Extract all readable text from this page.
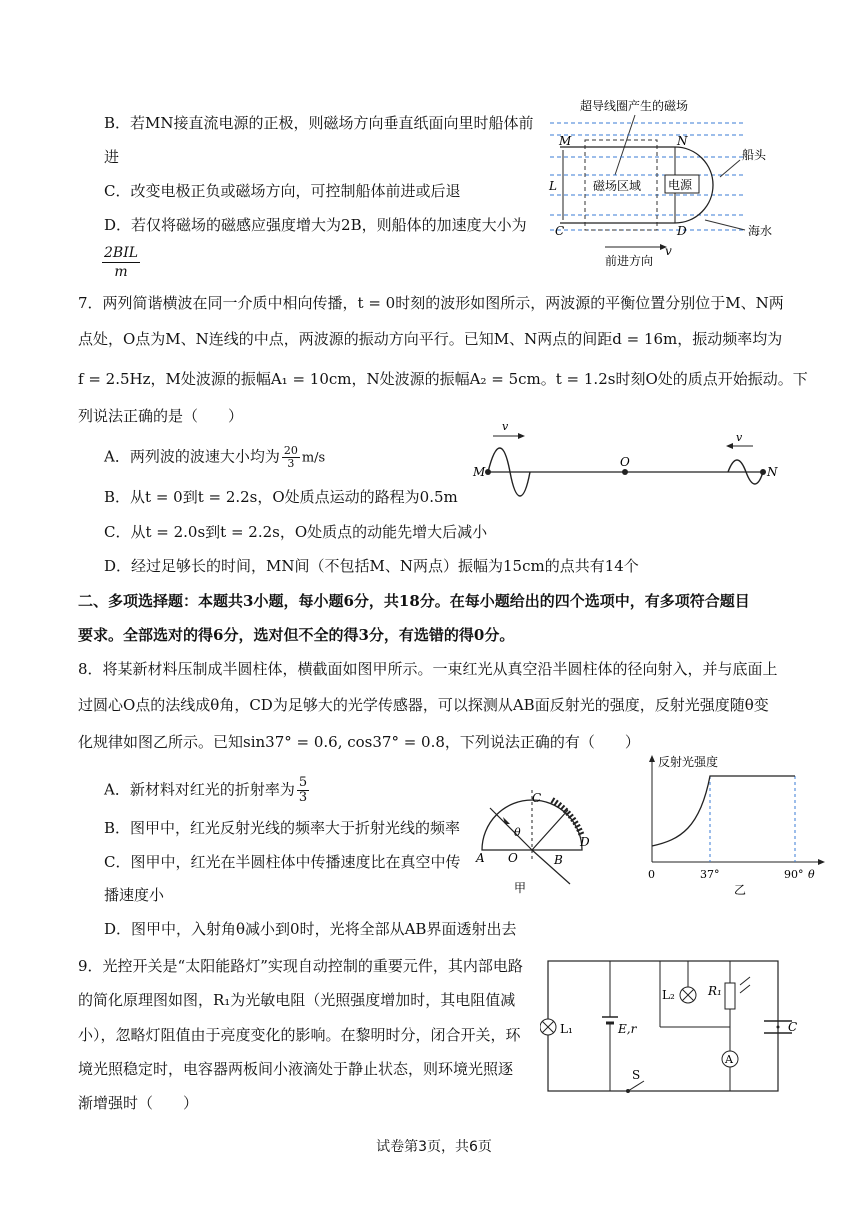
B．若MN接直流电源的正极，则磁场方向垂直纸面向里时船体前
进
C．改变电极正负或磁场方向，可控制船体前进或后退
D．若仅将磁场的磁感应强度增大为2B，则船体的加速度大小为
2BIL
m
超导线圈产生的磁场
电源
磁场区域
M	N
C	D
L
船头
海水
v
前进方向
7．两列简谐横波在同一介质中相向传播，t = 0时刻的波形如图所示，两波源的平衡位置分别位于M、N两
点处，O点为M、N连线的中点，两波源的振动方向平行。已知M、N两点的间距d = 16m，振动频率均为
f = 2.5Hz，M处波源的振幅A₁ = 10cm，N处波源的振幅A₂ = 5cm。t = 1.2s时刻O处的质点开始振动。下
列说法正确的是（　　）
A．两列波的波速大小均为 $\frac{20}{3} m/s$
B．从t = 0到t = 2.2s，O处质点运动的路程为0.5m
C．从t = 2.0s到t = 2.2s，O处质点的动能先增大后减小
D．经过足够长的时间，MN间（不包括M、N两点）振幅为15cm的点共有14个
M
O
N
v
v
二、多项选择题：本题共3小题，每小题6分，共18分。在每小题给出的四个选项中，有多项符合题目
要求。全部选对的得6分，选对但不全的得3分，有选错的得0分。
8．将某新材料压制成半圆柱体，横截面如图甲所示。一束红光从真空沿半圆柱体的径向射入，并与底面上
过圆心O点的法线成θ角，CD为足够大的光学传感器，可以探测从AB面反射光的强度，反射光强度随θ变
化规律如图乙所示。已知sin37° = 0.6, cos37° = 0.8，下列说法正确的有（　　）
A．新材料对红光的折射率为 $\frac{5}{3}$
B．图甲中，红光反射光线的频率大于折射光线的频率
C．图甲中，红光在半圆柱体中传播速度比在真空中传
播速度小
D．图甲中，入射角θ减小到0时，光将全部从AB界面透射出去
θ
A O	B
C
D
甲
反射光强度
0	37°	90° θ
乙
9．光控开关是“太阳能路灯”实现自动控制的重要元件，其内部电路
的简化原理图如图，R₁为光敏电阻（光照强度增加时，其电阻值减
小），忽略灯阻值由于亮度变化的影响。在黎明时分，闭合开关，环
境光照稳定时，电容器两板间小液滴处于静止状态，则环境光照逐
渐增强时（　　）
L₁	E,r
L₂	R₁
A
C
S
试卷第3页，共6页
